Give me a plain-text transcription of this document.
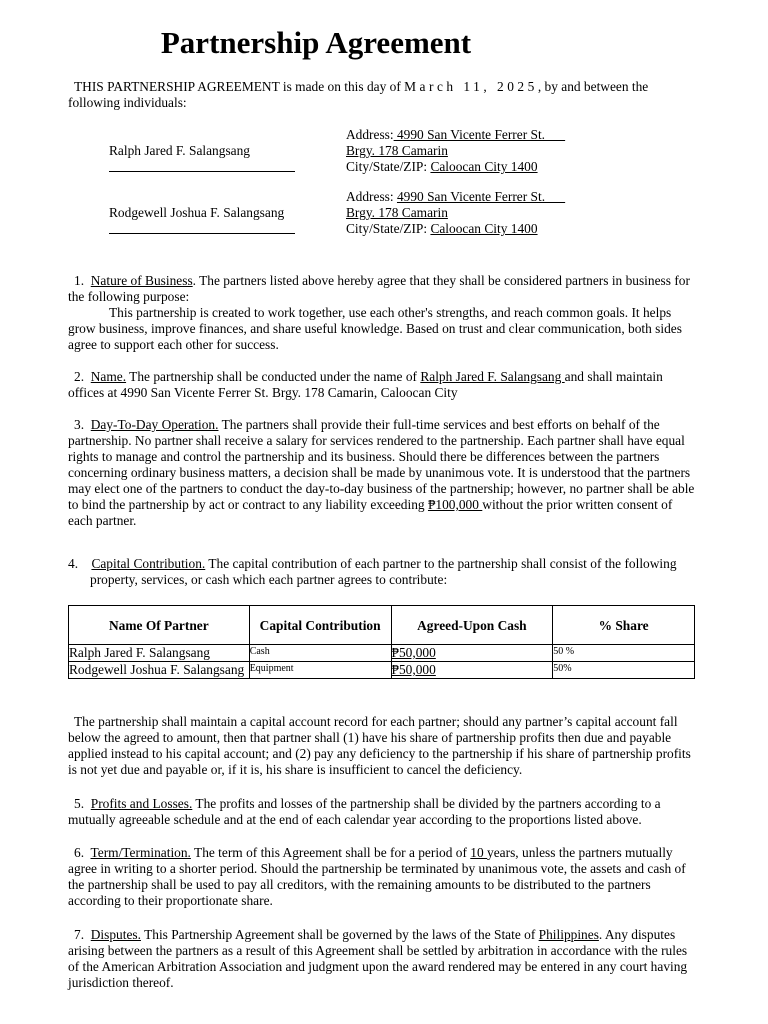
Partnership Agreement
THIS PARTNERSHIP AGREEMENT is made on this day of March 11, 2025, by and between the following individuals:
Ralph Jared F. Salangsang
Address: 4990 San Vicente Ferrer St.
Brgy. 178 Camarin
City/State/ZIP: Caloocan City 1400
Rodgewell Joshua F. Salangsang
Address: 4990 San Vicente Ferrer St.
Brgy. 178 Camarin
City/State/ZIP: Caloocan City 1400
1. Nature of Business. The partners listed above hereby agree that they shall be considered partners in business for the following purpose:
This partnership is created to work together, use each other's strengths, and reach common goals. It helps grow business, improve finances, and share useful knowledge. Based on trust and clear communication, both sides agree to support each other for success.
2. Name. The partnership shall be conducted under the name of Ralph Jared F. Salangsang and shall maintain offices at 4990 San Vicente Ferrer St. Brgy. 178 Camarin, Caloocan City
3. Day-To-Day Operation. The partners shall provide their full-time services and best efforts on behalf of the partnership. No partner shall receive a salary for services rendered to the partnership. Each partner shall have equal rights to manage and control the partnership and its business. Should there be differences between the partners concerning ordinary business matters, a decision shall be made by unanimous vote. It is understood that the partners may elect one of the partners to conduct the day-to-day business of the partnership; however, no partner shall be able to bind the partnership by act or contract to any liability exceeding ₱100,000 without the prior written consent of each partner.
4. Capital Contribution. The capital contribution of each partner to the partnership shall consist of the following property, services, or cash which each partner agrees to contribute:
Name Of Partner	Capital Contribution	Agreed-Upon Cash	% Share
Ralph Jared F. Salangsang	Cash	₱50,000	50 %
Rodgewell Joshua F. Salangsang	Equipment	₱50,000	50%
The partnership shall maintain a capital account record for each partner; should any partner’s capital account fall below the agreed to amount, then that partner shall (1) have his share of partnership profits then due and payable applied instead to his capital account; and (2) pay any deficiency to the partnership if his share of partnership profits is not yet due and payable or, if it is, his share is insufficient to cancel the deficiency.
5. Profits and Losses. The profits and losses of the partnership shall be divided by the partners according to a mutually agreeable schedule and at the end of each calendar year according to the proportions listed above.
6. Term/Termination. The term of this Agreement shall be for a period of 10 years, unless the partners mutually agree in writing to a shorter period. Should the partnership be terminated by unanimous vote, the assets and cash of the partnership shall be used to pay all creditors, with the remaining amounts to be distributed to the partners according to their proportionate share.
7. Disputes. This Partnership Agreement shall be governed by the laws of the State of Philippines. Any disputes arising between the partners as a result of this Agreement shall be settled by arbitration in accordance with the rules of the American Arbitration Association and judgment upon the award rendered may be entered in any court having jurisdiction thereof.
